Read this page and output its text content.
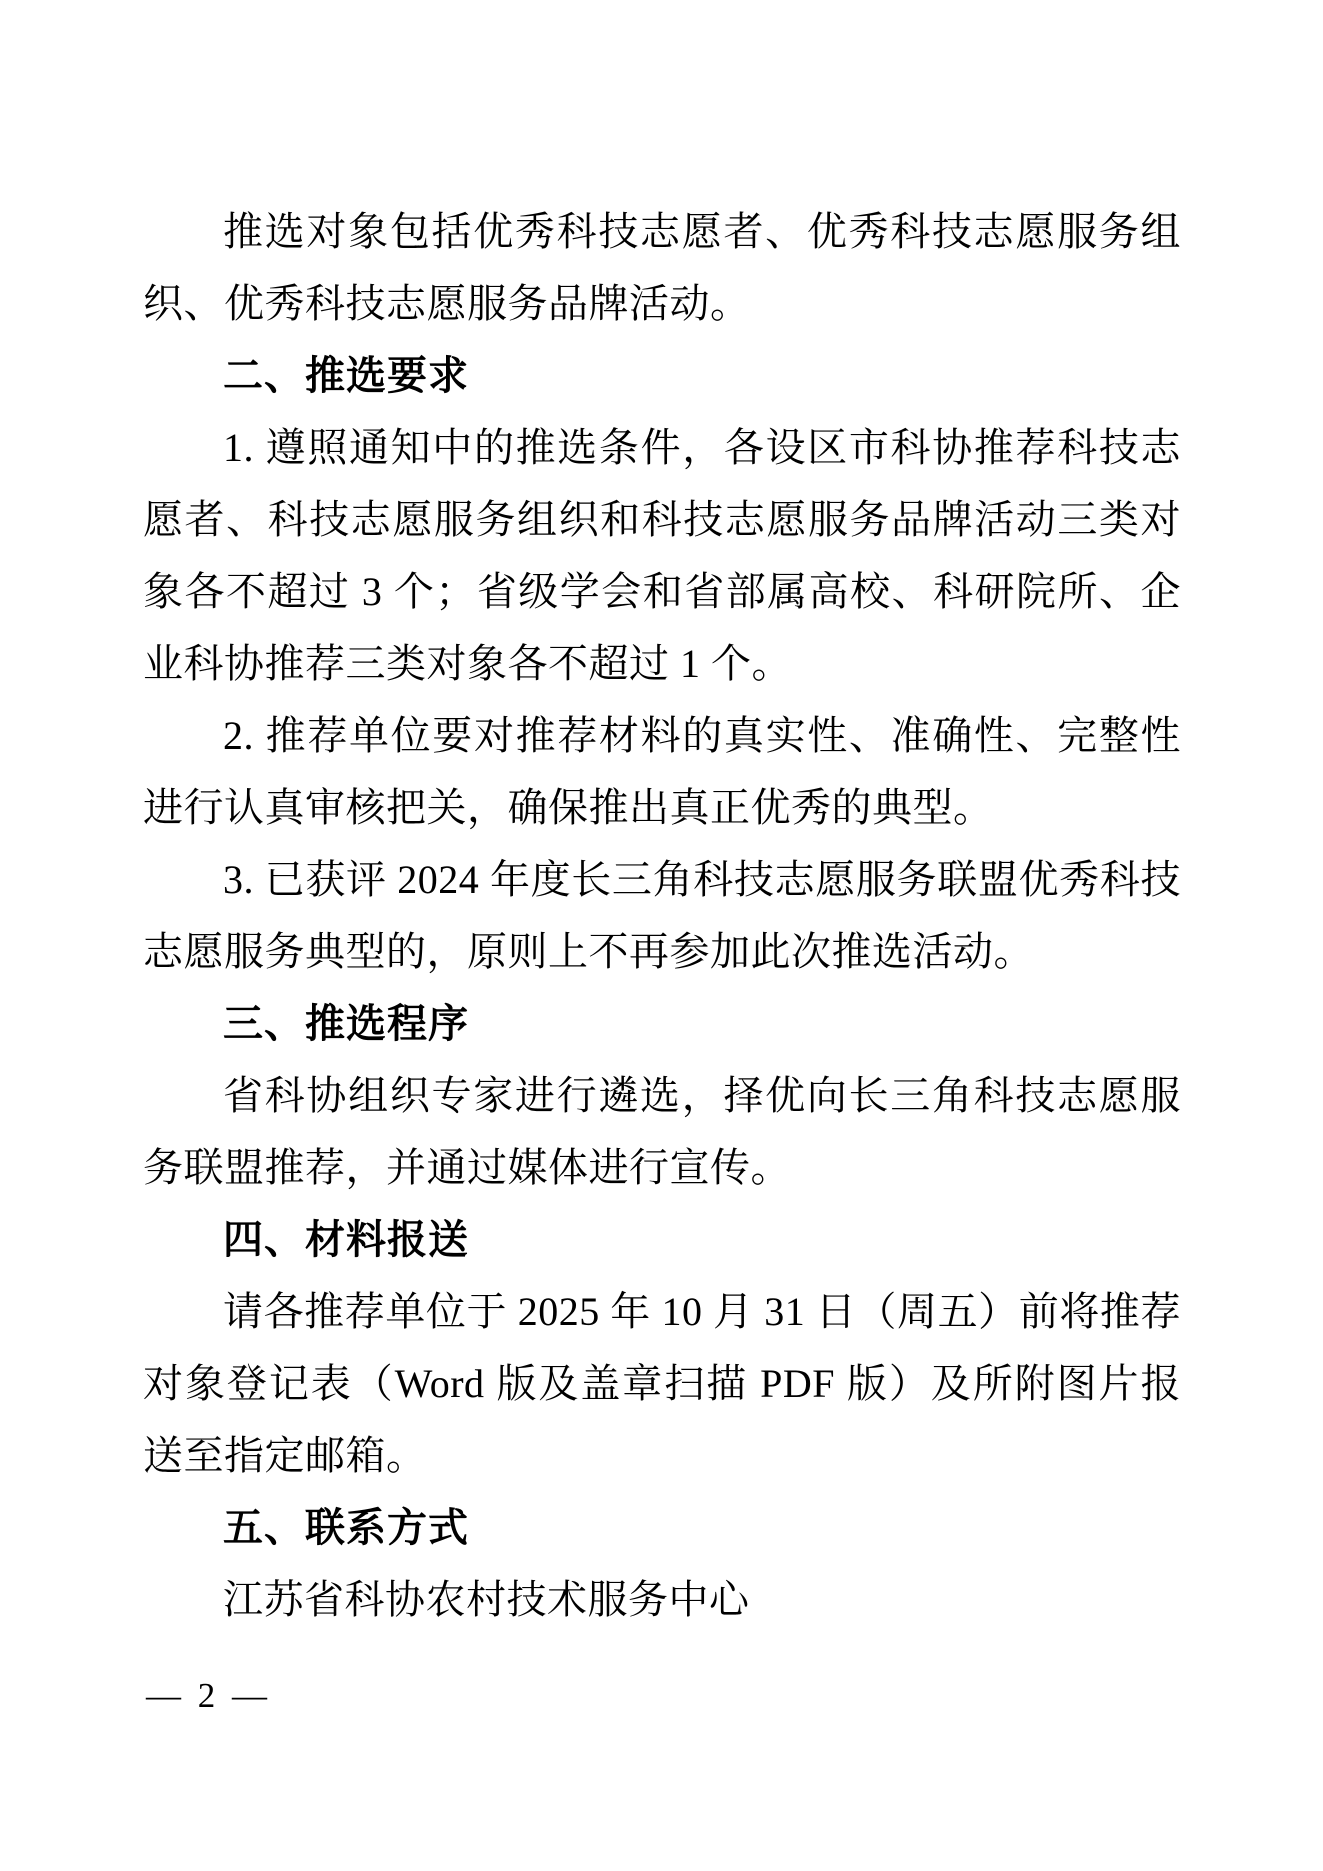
推选对象包括优秀科技志愿者、优秀科技志愿服务组织、优秀科技志愿服务品牌活动。

二、推选要求

1. 遵照通知中的推选条件，各设区市科协推荐科技志愿者、科技志愿服务组织和科技志愿服务品牌活动三类对象各不超过 3 个；省级学会和省部属高校、科研院所、企业科协推荐三类对象各不超过 1 个。

2. 推荐单位要对推荐材料的真实性、准确性、完整性进行认真审核把关，确保推出真正优秀的典型。

3. 已获评 2024 年度长三角科技志愿服务联盟优秀科技志愿服务典型的，原则上不再参加此次推选活动。

三、推选程序

省科协组织专家进行遴选，择优向长三角科技志愿服务联盟推荐，并通过媒体进行宣传。

四、材料报送

请各推荐单位于 2025 年 10 月 31 日（周五）前将推荐对象登记表（Word 版及盖章扫描 PDF 版）及所附图片报送至指定邮箱。

五、联系方式

江苏省科协农村技术服务中心

— 2 —
